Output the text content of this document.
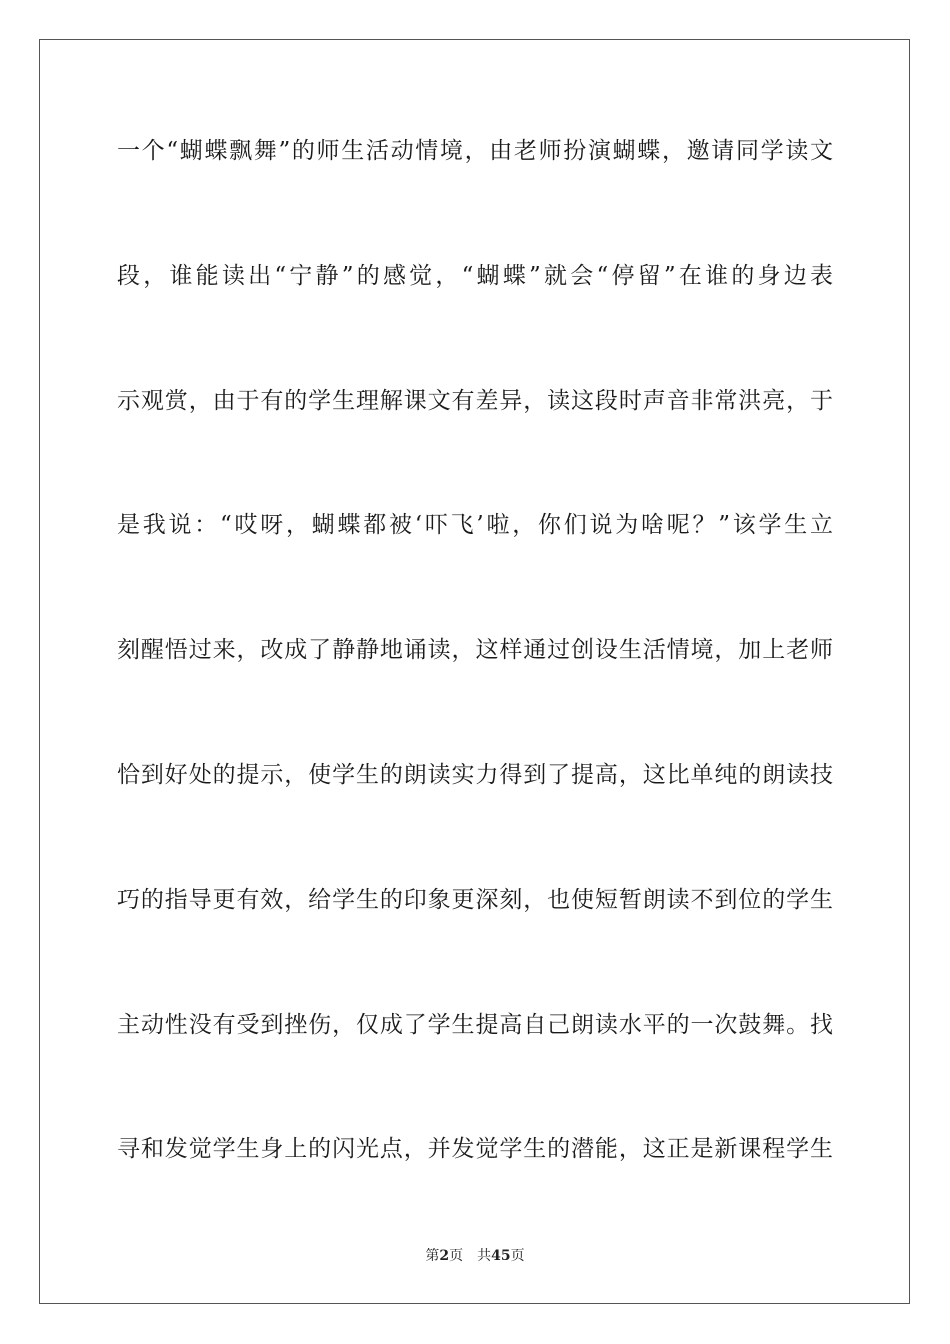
一个“蝴蝶飘舞”的师生活动情境，由老师扮演蝴蝶，邀请同学读文
段，谁能读出“宁静”的感觉，“蝴蝶”就会“停留”在谁的身边表
示观赏，由于有的学生理解课文有差异，读这段时声音非常洪亮，于
是我说：“哎呀，蝴蝶都被‘吓飞’啦，你们说为啥呢？”该学生立
刻醒悟过来，改成了静静地诵读，这样通过创设生活情境，加上老师
恰到好处的提示，使学生的朗读实力得到了提高，这比单纯的朗读技
巧的指导更有效，给学生的印象更深刻，也使短暂朗读不到位的学生
主动性没有受到挫伤，仅成了学生提高自己朗读水平的一次鼓舞。找
寻和发觉学生身上的闪光点，并发觉学生的潜能，这正是新课程学生
第2页 共45页
